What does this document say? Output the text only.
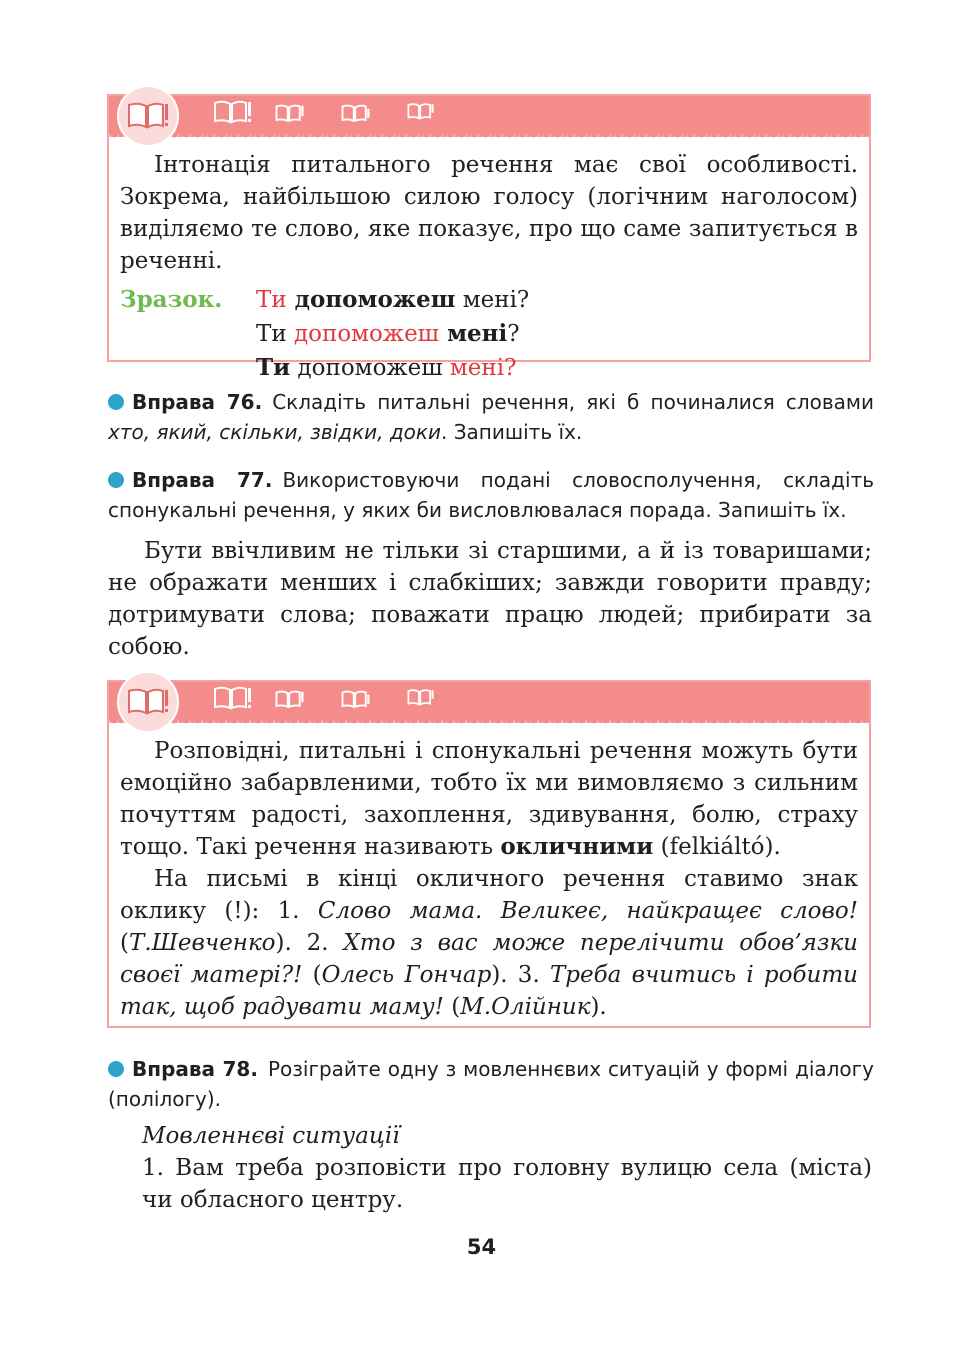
Інтонація питального речення має свої особливості. Зокрема, найбільшою силою голосу (логічним наголосом) виділяємо те слово, яке показує, про що саме запитується в реченні.

Зразок.	Ти допоможеш мені?
Ти допоможеш мені?
Ти допоможеш мені?
Вправа 76. Складіть питальні речення, які б починалися словами хто, який, скільки, звідки, доки. Запишіть їх.
Вправа 77. Використовуючи подані словосполучення, складіть спонукальні речення, у яких би висловлювалася порада. Запишіть їх.

Бути ввічливим не тільки зі старшими, а й із товаришами; не ображати менших і слабкіших; завжди говорити правду; дотримувати слова; поважати працю людей; прибирати за собою.

Розповідні, питальні і спонукальні речення можуть бути емоційно забарвленими, тобто їх ми вимовляємо з сильним почуттям радості, захоплення, здивування, болю, страху тощо. Такі речення називають окличними (felkiáltó).

На письмі в кінці окличного речення ставимо знак оклику (!): 1. Слово мама. Великеє, найкращеє слово! (Т.Шевченко). 2. Хто з вас може перелічити обов’язки своєї матері?! (Олесь Гончар). 3. Треба вчитись і робити так, щоб радувати маму! (М.Олійник).

Вправа 78. Розіграйте одну з мовленнєвих ситуацій у формі діалогу (полілогу).
Мовленнєві ситуації
1. Вам треба розповісти про головну вулицю села (міста) чи обласного центру.
54
